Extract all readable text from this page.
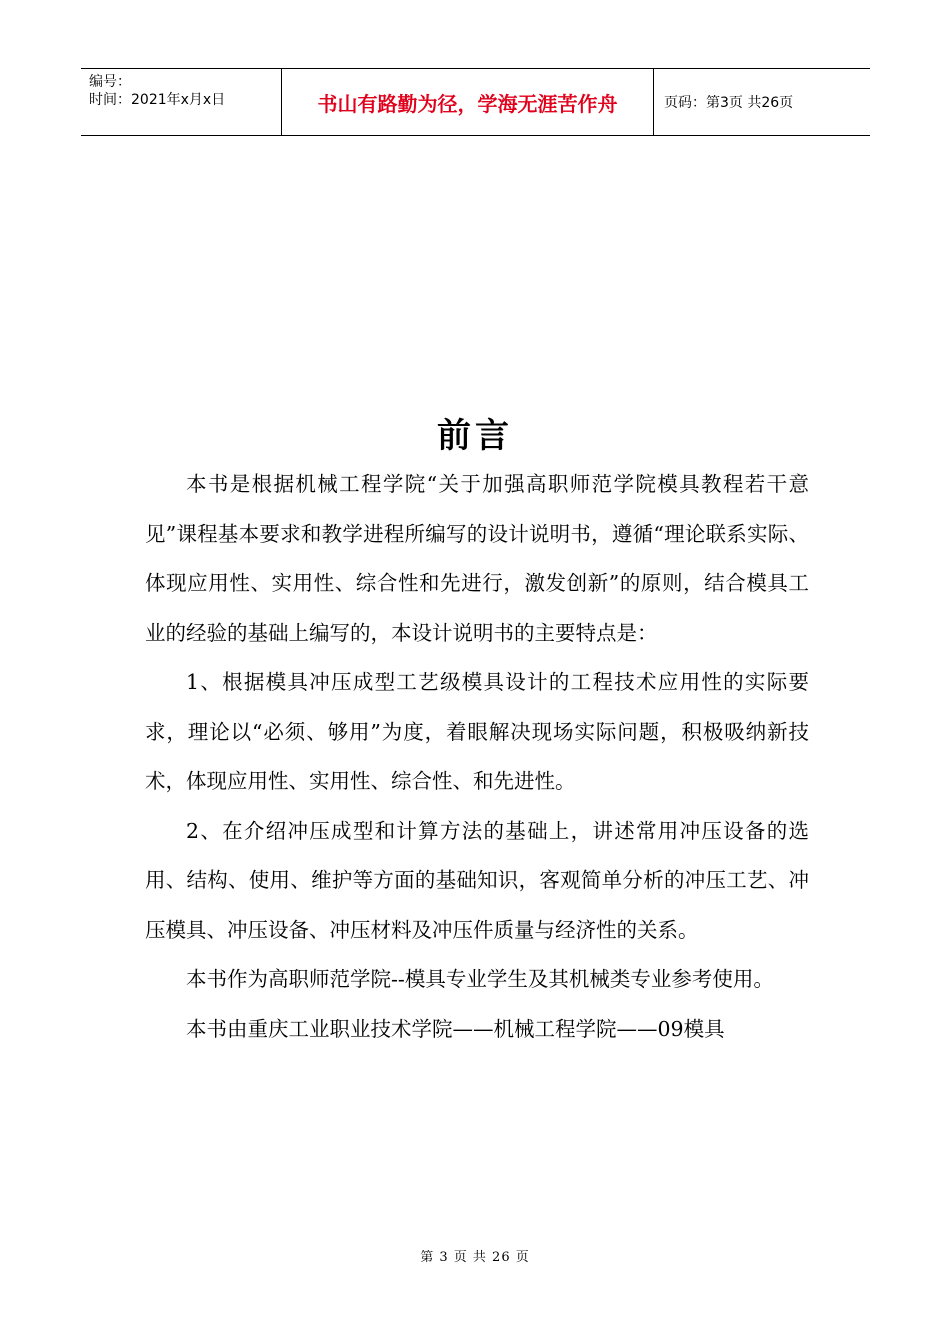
编号：
时间：2021年x月x日	书山有路勤为径，学海无涯苦作舟	页码：第3页 共26页
前言

本书是根据机械工程学院“关于加强高职师范学院模具教程若干意见”课程基本要求和教学进程所编写的设计说明书，遵循“理论联系实际、体现应用性、实用性、综合性和先进行，激发创新”的原则，结合模具工业的经验的基础上编写的，本设计说明书的主要特点是：

1、根据模具冲压成型工艺级模具设计的工程技术应用性的实际要求，理论以“必须、够用”为度，着眼解决现场实际问题，积极吸纳新技术，体现应用性、实用性、综合性、和先进性。

2、在介绍冲压成型和计算方法的基础上，讲述常用冲压设备的选用、结构、使用、维护等方面的基础知识，客观简单分析的冲压工艺、冲压模具、冲压设备、冲压材料及冲压件质量与经济性的关系。

本书作为高职师范学院--模具专业学生及其机械类专业参考使用。

本书由重庆工业职业技术学院——机械工程学院——09模具

第 3 页 共 26 页
